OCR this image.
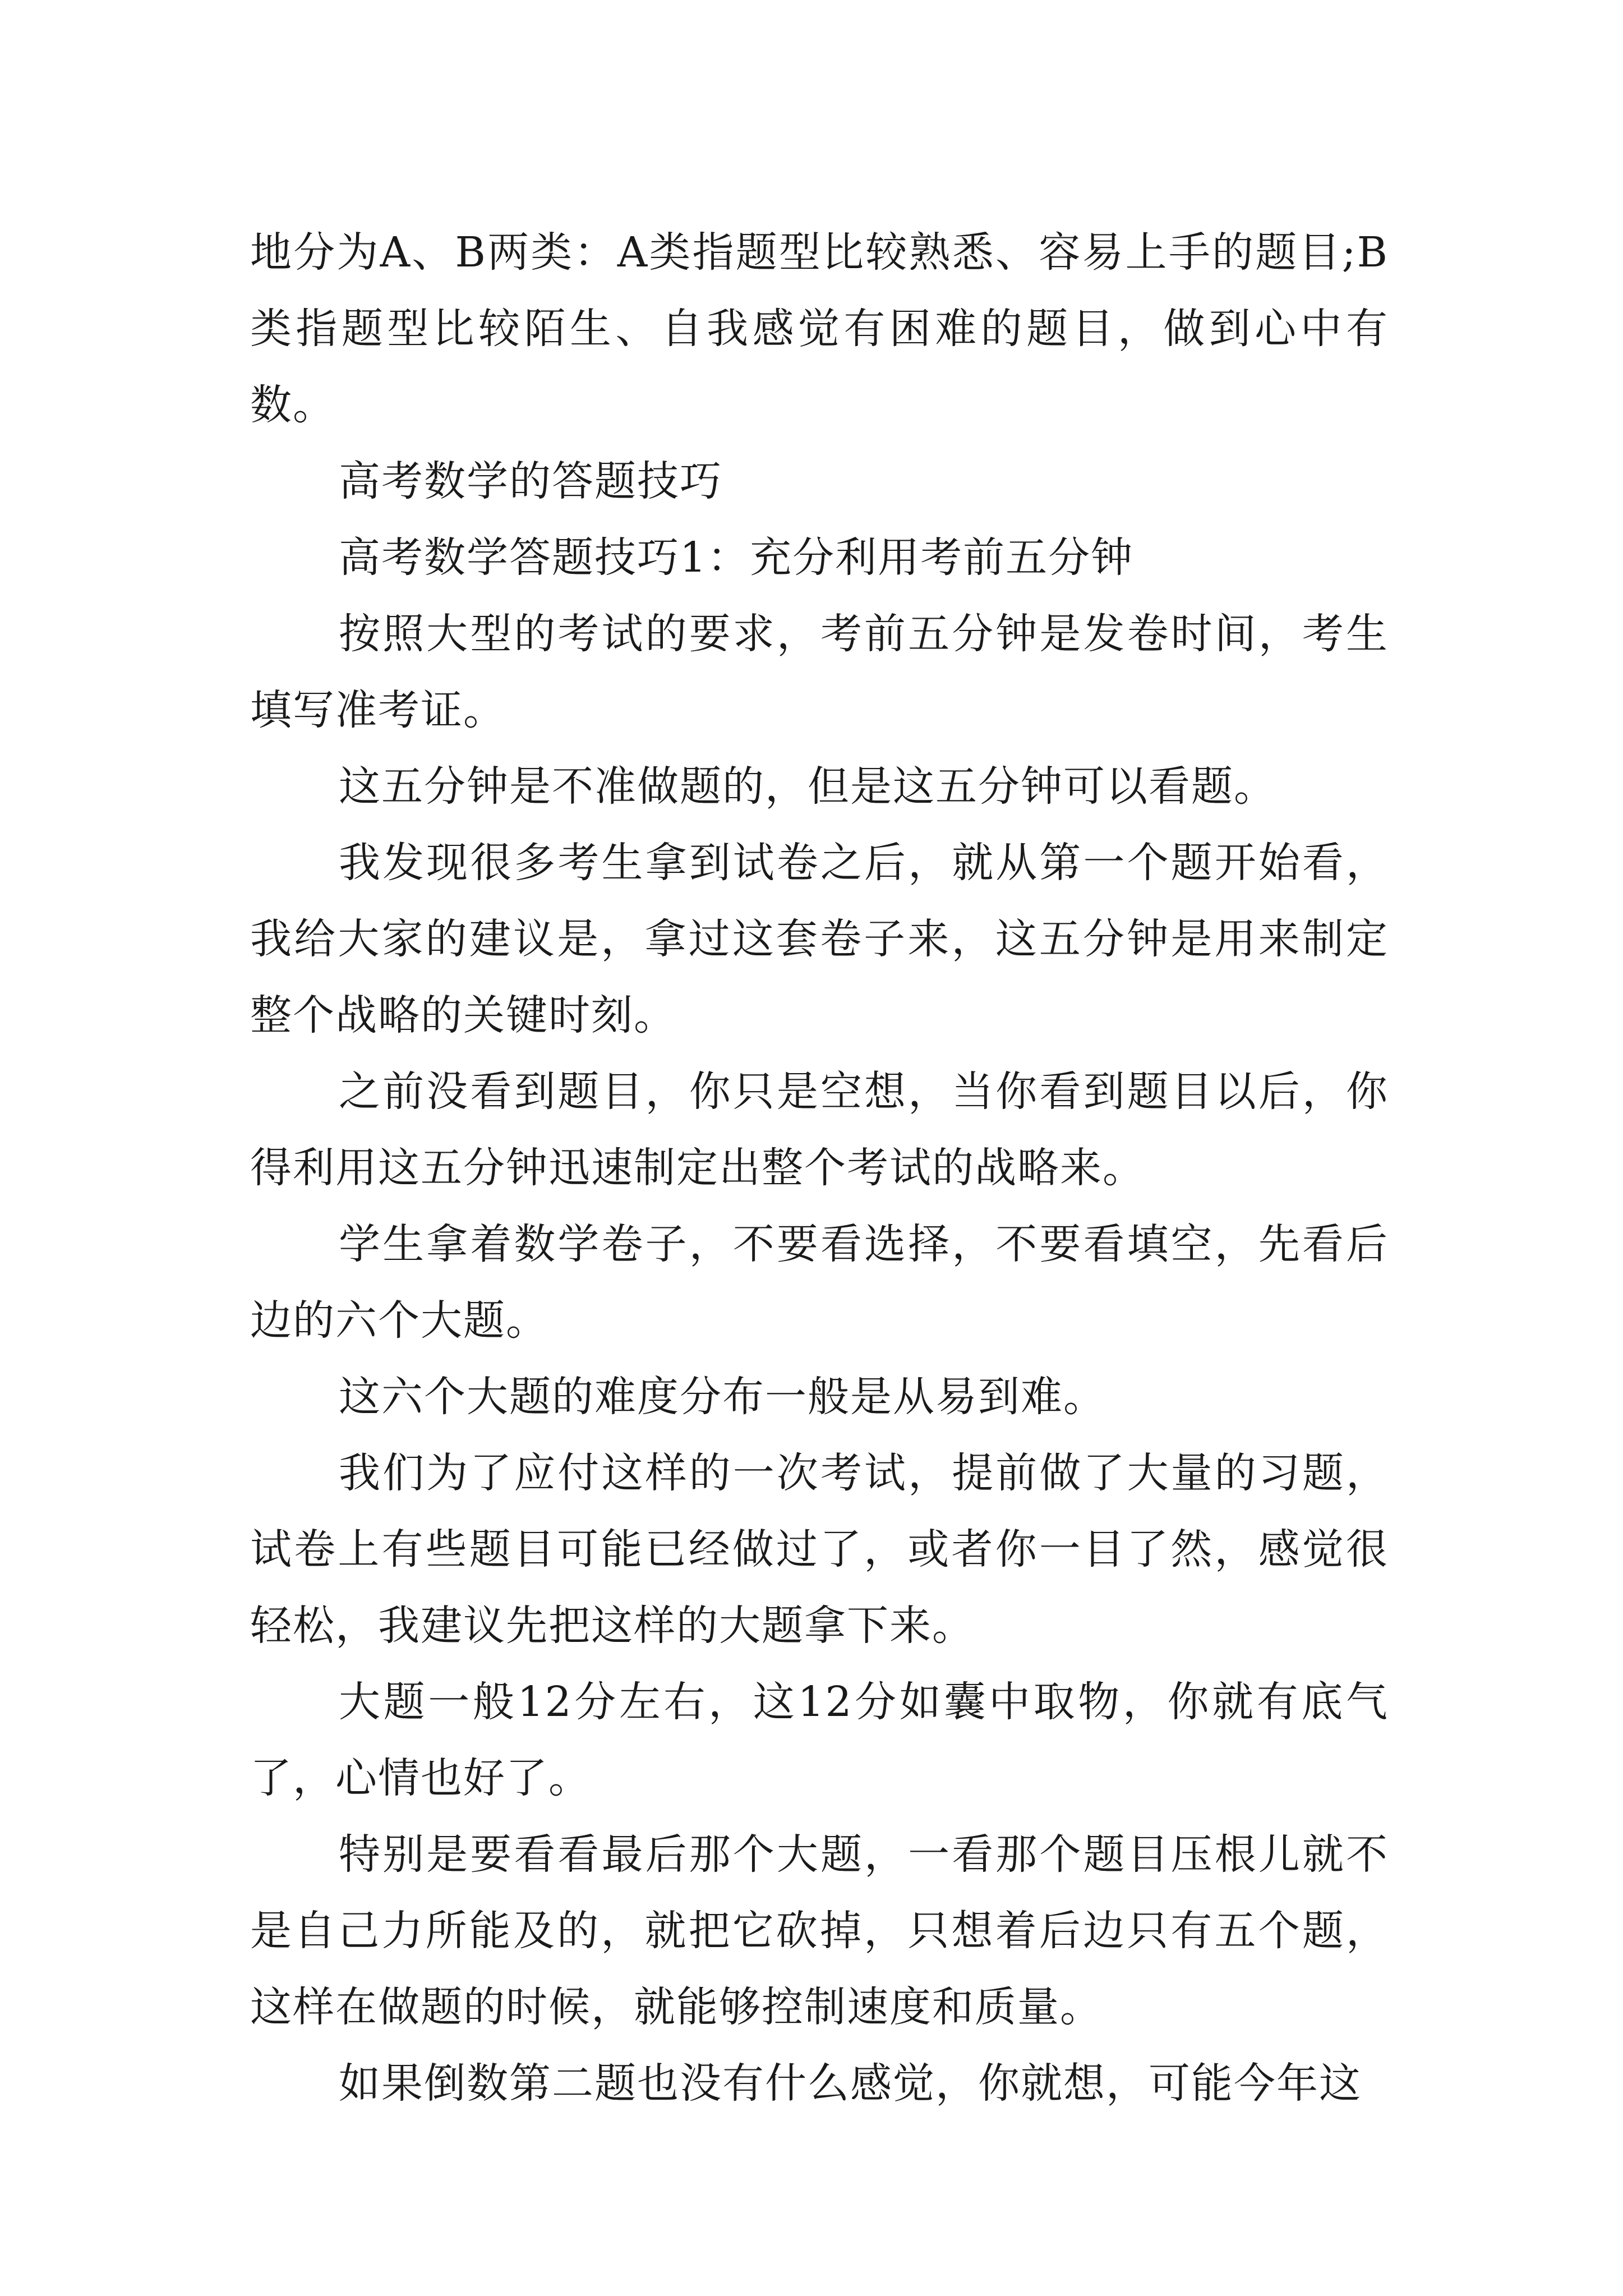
地分为A、B两类：A类指题型比较熟悉、容易上手的题目;B类指题型比较陌生、自我感觉有困难的题目，做到心中有数。

高考数学的答题技巧

高考数学答题技巧1：充分利用考前五分钟

按照大型的考试的要求，考前五分钟是发卷时间，考生填写准考证。

这五分钟是不准做题的，但是这五分钟可以看题。

我发现很多考生拿到试卷之后，就从第一个题开始看，我给大家的建议是，拿过这套卷子来，这五分钟是用来制定整个战略的关键时刻。

之前没看到题目，你只是空想，当你看到题目以后，你得利用这五分钟迅速制定出整个考试的战略来。

学生拿着数学卷子，不要看选择，不要看填空，先看后边的六个大题。

这六个大题的难度分布一般是从易到难。

我们为了应付这样的一次考试，提前做了大量的习题，试卷上有些题目可能已经做过了，或者你一目了然，感觉很轻松，我建议先把这样的大题拿下来。

大题一般12分左右，这12分如囊中取物，你就有底气了，心情也好了。

特别是要看看最后那个大题，一看那个题目压根儿就不是自己力所能及的，就把它砍掉，只想着后边只有五个题，这样在做题的时候，就能够控制速度和质量。

如果倒数第二题也没有什么感觉，你就想，可能今年这
